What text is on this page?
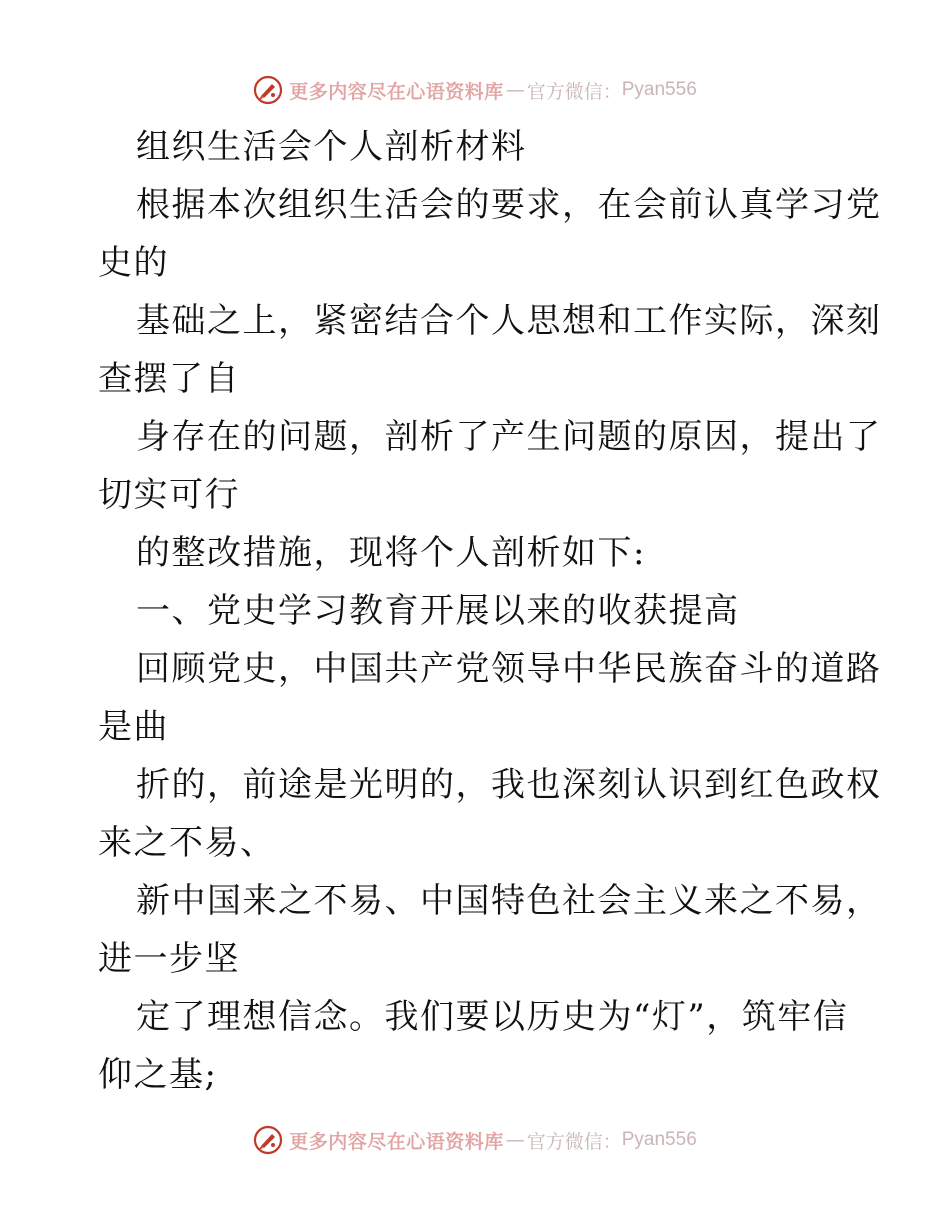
更多内容尽在心语资料库 — 官方微信： Pyan556
组织生活会个人剖析材料
根据本次组织生活会的要求，在会前认真学习党
史的
基础之上，紧密结合个人思想和工作实际，深刻
查摆了自
身存在的问题，剖析了产生问题的原因，提出了
切实可行
的整改措施，现将个人剖析如下:
一、党史学习教育开展以来的收获提高
回顾党史，中国共产党领导中华民族奋斗的道路
是曲
折的，前途是光明的，我也深刻认识到红色政权
来之不易、
新中国来之不易、中国特色社会主义来之不易，
进一步坚
定了理想信念。我们要以历史为“灯”，筑牢信
仰之基;
更多内容尽在心语资料库 — 官方微信： Pyan556
